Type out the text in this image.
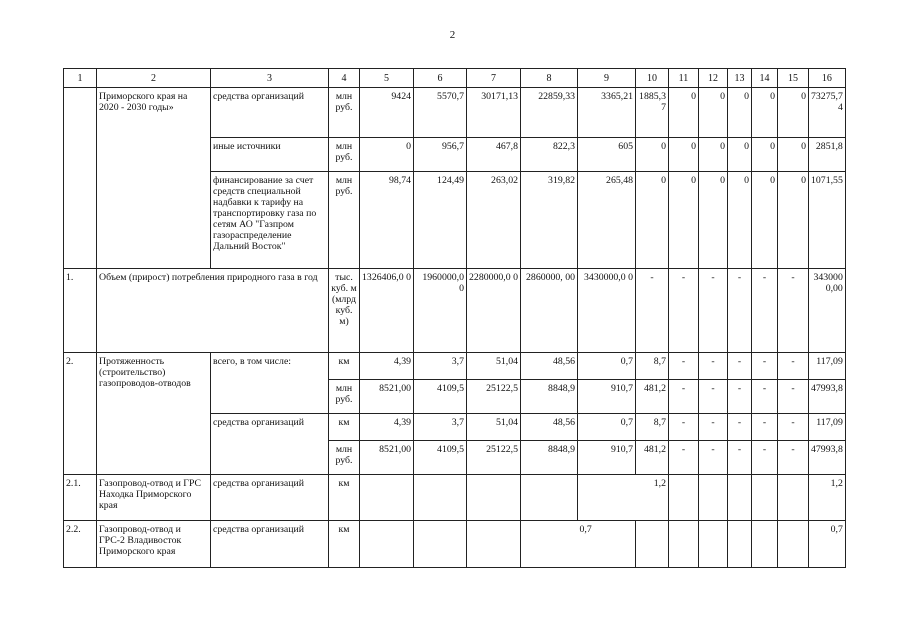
2
1	2	3	4	5	6	7	8	9	10	11	12	13	14	15	16
	Приморского края на 2020 - 2030 годы»	средства организаций	млн руб.	9424	5570,7	30171,13	22859,33	3365,21	1885,3 7	0	0	0	0	0	73275,7 4
		иные источники	млн руб.	0	956,7	467,8	822,3	605	0	0	0	0	0	0	2851,8
		финансирование за счет средств специальной надбавки к тарифу на транспортировку газа по сетям АО "Газпром газораспределение Дальний Восток"	млн руб.	98,74	124,49	263,02	319,82	265,48	0	0	0	0	0	0	1071,55
1.	Объем (прирост) потребления природного газа в год		тыс. куб. м (млрд куб. м)	1326406,0 0	1960000,0 0	2280000,0 0	2860000, 00	3430000,0 0	-	-	-	-	-	-	343000 0,00
2.	Протяженность (строительство) газопроводов-отводов	всего, в том числе:	км	4,39	3,7	51,04	48,56	0,7	8,7	-	-	-	-	-	117,09
			млн руб.	8521,00	4109,5	25122,5	8848,9	910,7	481,2	-	-	-	-	-	47993,8
		средства организаций	км	4,39	3,7	51,04	48,56	0,7	8,7	-	-	-	-	-	117,09
			млн руб.	8521,00	4109,5	25122,5	8848,9	910,7	481,2	-	-	-	-	-	47993,8
2.1.	Газопровод-отвод и ГРС Находка Приморского края	средства организаций	км						1,2						1,2
2.2.	Газопровод-отвод и ГРС-2 Владивосток Приморского края	средства организаций	км					0,7							0,7
